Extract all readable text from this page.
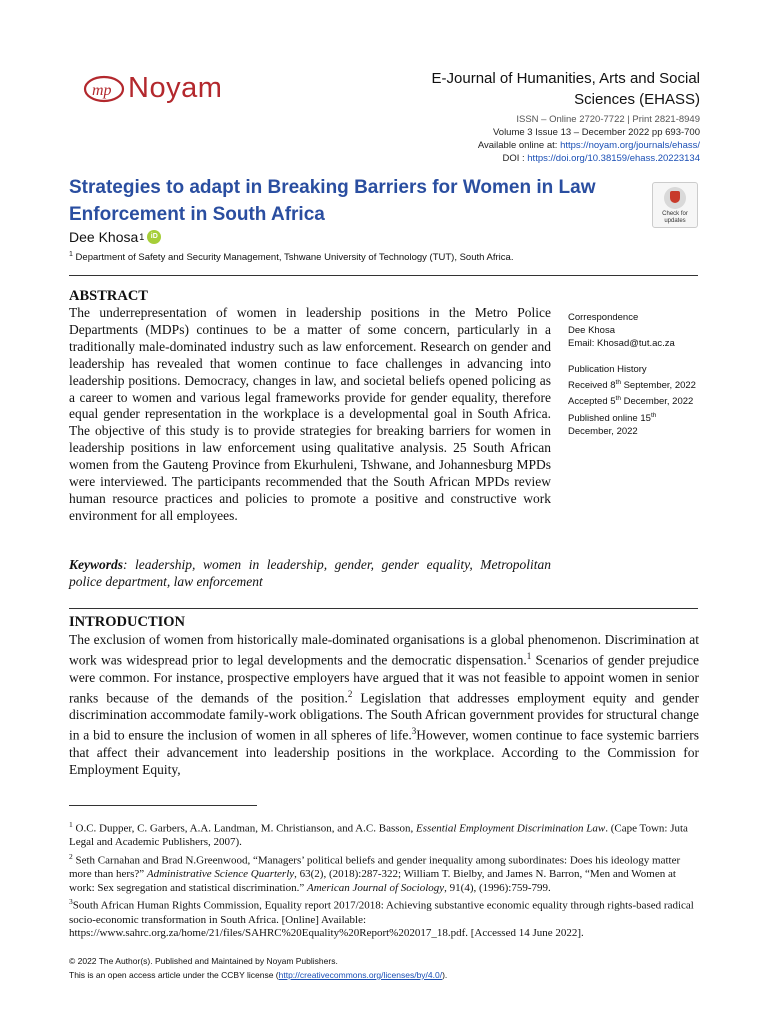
mp Noyam	E-Journal of Humanities, Arts and Social Sciences (EHASS)
ISSN – Online 2720-7722 | Print 2821-8949
Volume 3 Issue 13 – December 2022 pp 693-700
Available online at: https://noyam.org/journals/ehass/
DOI : https://doi.org/10.38159/ehass.20223134
Strategies to adapt in Breaking Barriers for Women in Law Enforcement in South Africa	Check for updates
Dee Khosa 1 iD
$^1$ Department of Safety and Security Management, Tshwane University of Technology (TUT), South Africa.
ABSTRACT
The underrepresentation of women in leadership positions in the Metro Police Departments (MDPs) continues to be a matter of some concern, particularly in a traditionally male-dominated industry such as law enforcement. Research on gender and leadership has revealed that women continue to face challenges in advancing into leadership positions. Democracy, changes in law, and societal beliefs opened policing as a career to women and various legal frameworks provide for gender equality, therefore equal gender representation in the workplace is a developmental goal in South Africa. The objective of this study is to provide strategies for breaking barriers for women in leadership positions in law enforcement using qualitative analysis. 25 South African women from the Gauteng Province from Ekurhuleni, Tshwane, and Johannesburg MPDs were interviewed. The participants recommended that the South African MPDs review human resource practices and policies to promote a positive and constructive work environment for all employees.
Keywords: leadership, women in leadership, gender, gender equality, Metropolitan police department, law enforcement
Correspondence
Dee Khosa
Email: Khosad@tut.ac.za
Publication History
Received 8th September, 2022
Accepted 5th December, 2022
Published online 15th December, 2022
INTRODUCTION
The exclusion of women from historically male-dominated organisations is a global phenomenon. Discrimination at work was widespread prior to legal developments and the democratic dispensation.$^1$ Scenarios of gender prejudice were common. For instance, prospective employers have argued that it was not feasible to appoint women in senior ranks because of the demands of the position.$^2$ Legislation that addresses employment equity and gender discrimination accommodate family-work obligations. The South African government provides for structural change in a bid to ensure the inclusion of women in all spheres of life.$^3$However, women continue to face systemic barriers that affect their advancement into leadership positions in the workplace. According to the Commission for Employment Equity,

$^1$ O.C. Dupper, C. Garbers, A.A. Landman, M. Christianson, and A.C. Basson, Essential Employment Discrimination Law. (Cape Town: Juta Legal and Academic Publishers, 2007).

$^2$ Seth Carnahan and Brad N.Greenwood, “Managers’ political beliefs and gender inequality among subordinates: Does his ideology matter more than hers?” Administrative Science Quarterly, 63(2), (2018):287-322; William T. Bielby, and James N. Barron, “Men and Women at work: Sex segregation and statistical discrimination.” American Journal of Sociology, 91(4), (1996):759-799.

$^3$South African Human Rights Commission, Equality report 2017/2018: Achieving substantive economic equality through rights-based radical socio-economic transformation in South Africa. [Online] Available: https://www.sahrc.org.za/home/21/files/SAHRC%20Equality%20Report%202017_18.pdf. [Accessed 14 June 2022].

© 2022 The Author(s). Published and Maintained by Noyam Publishers.
This is an open access article under the CCBY license (http://creativecommons.org/licenses/by/4.0/).
